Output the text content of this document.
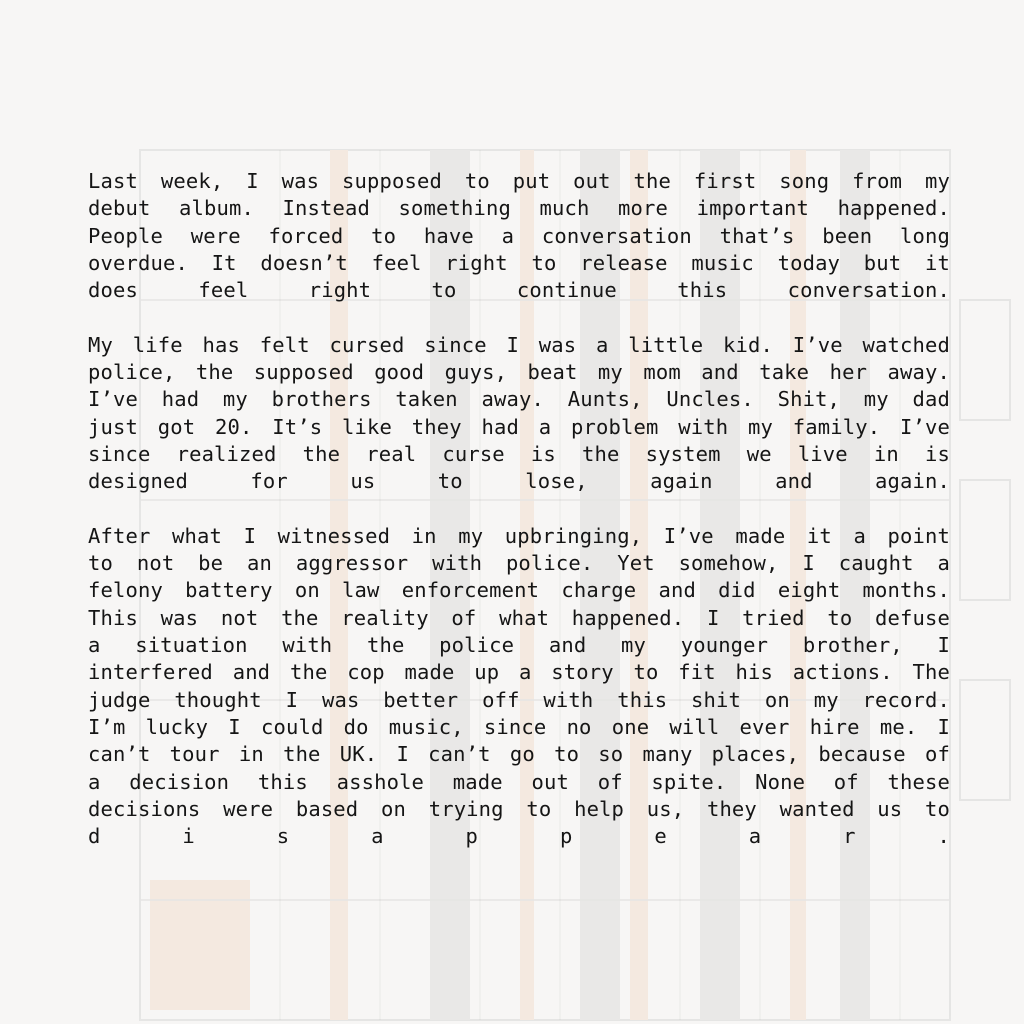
Last week, I was supposed to put out the first song from my
debut album. Instead something much more important happened.
People were forced to have a conversation that’s been long
overdue. It doesn’t feel right to release music today but it
does feel right to continue this conversation.

My life has felt cursed since I was a little kid. I’ve watched
police, the supposed good guys, beat my mom and take her away.
I’ve had my brothers taken away. Aunts, Uncles. Shit, my dad
just got 20. It’s like they had a problem with my family. I’ve
since realized the real curse is the system we live in is
designed for us to lose, again and again.

After what I witnessed in my upbringing, I’ve made it a point
to not be an aggressor with police. Yet somehow, I caught a
felony battery on law enforcement charge and did eight months.
This was not the reality of what happened. I tried to defuse
a situation with the police and my younger brother, I
interfered and the cop made up a story to fit his actions. The
judge thought I was better off with this shit on my record.
I’m lucky I could do music, since no one will ever hire me. I
can’t tour in the UK. I can’t go to so many places, because of
a decision this asshole made out of spite. None of these
decisions were based on trying to help us, they wanted us to
d i s a p p e a r .
